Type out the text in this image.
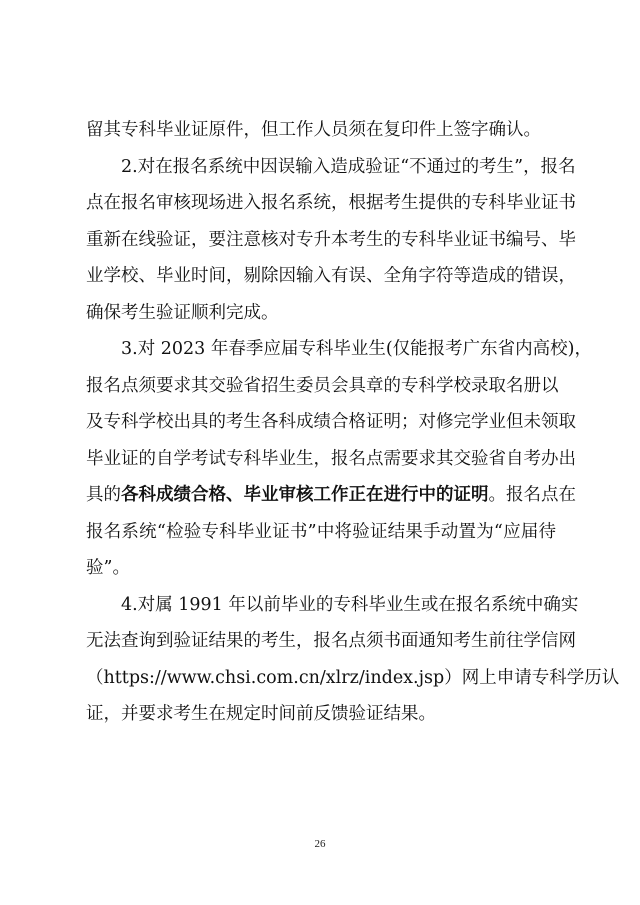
留其专科毕业证原件，但工作人员须在复印件上签字确认。
2.对在报名系统中因误输入造成验证“不通过的考生”，报名
点在报名审核现场进入报名系统，根据考生提供的专科毕业证书
重新在线验证，要注意核对专升本考生的专科毕业证书编号、毕
业学校、毕业时间，剔除因输入有误、全角字符等造成的错误，
确保考生验证顺利完成。
3.对 2023 年春季应届专科毕业生(仅能报考广东省内高校)，
报名点须要求其交验省招生委员会具章的专科学校录取名册以
及专科学校出具的考生各科成绩合格证明；对修完学业但未领取
毕业证的自学考试专科毕业生，报名点需要求其交验省自考办出
具的各科成绩合格、毕业审核工作正在进行中的证明。报名点在
报名系统“检验专科毕业证书”中将验证结果手动置为“应届待
验”。
4.对属 1991 年以前毕业的专科毕业生或在报名系统中确实
无法查询到验证结果的考生，报名点须书面通知考生前往学信网
（https://www.chsi.com.cn/xlrz/index.jsp）网上申请专科学历认
证，并要求考生在规定时间前反馈验证结果。
26
